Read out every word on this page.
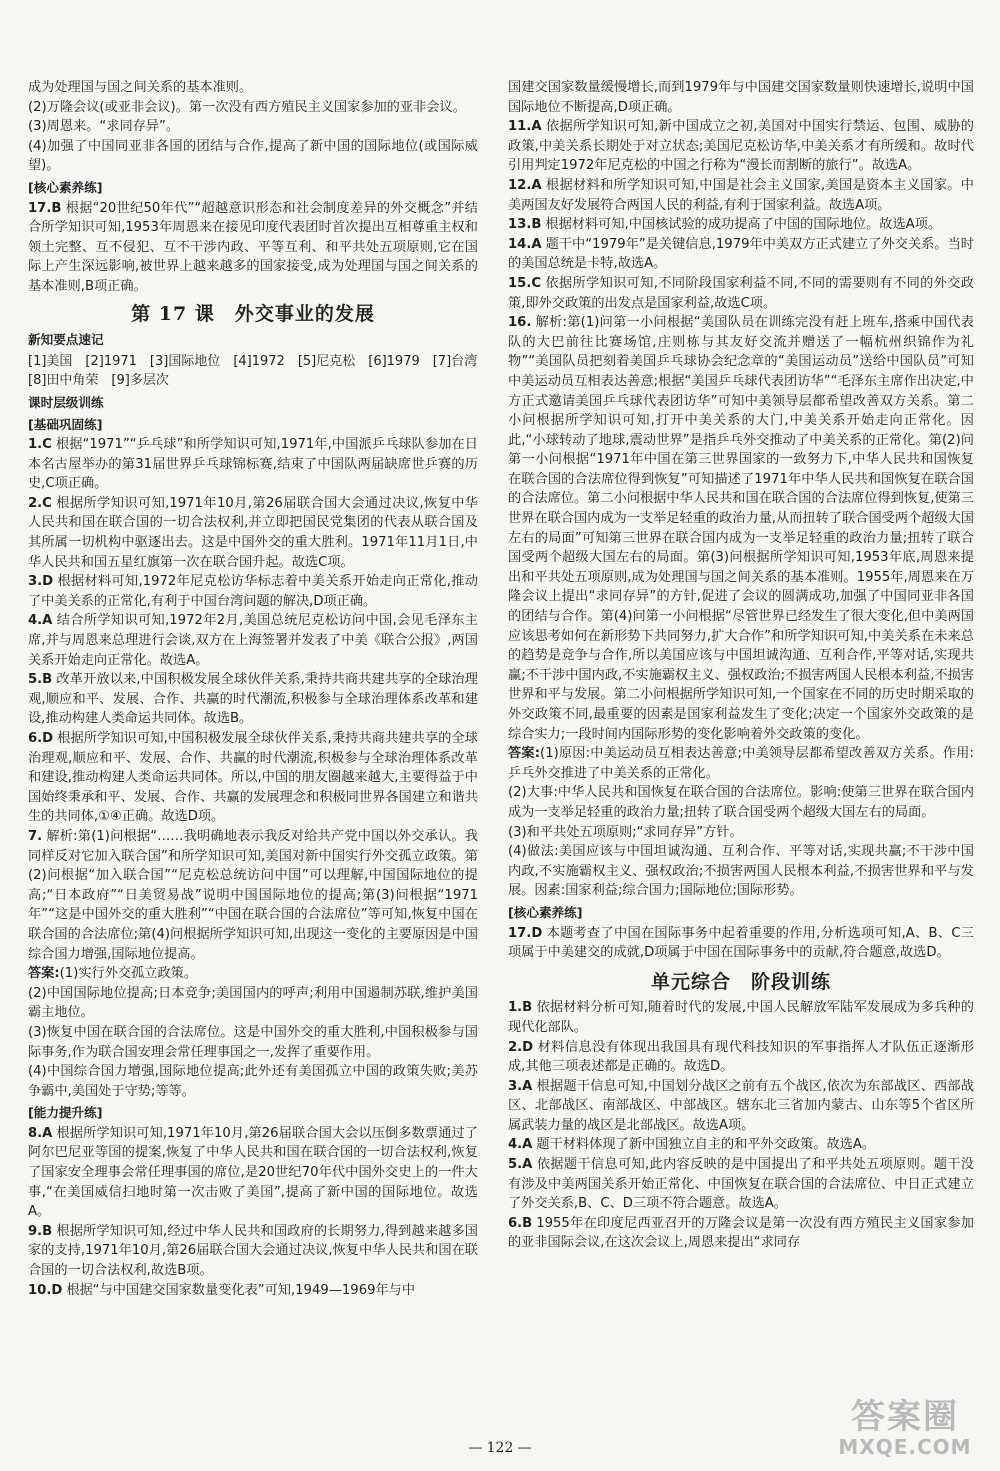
成为处理国与国之间关系的基本准则。

(2)万隆会议(或亚非会议)。第一次没有西方殖民主义国家参加的亚非会议。

(3)周恩来。“求同存异”。

(4)加强了中国同亚非各国的团结与合作,提高了新中国的国际地位(或国际威望)。

[核心素养练]

17.B 根据“20世纪50年代”“超越意识形态和社会制度差异的外交概念”并结合所学知识可知,1953年周恩来在接见印度代表团时首次提出互相尊重主权和领土完整、互不侵犯、互不干涉内政、平等互利、和平共处五项原则,它在国际上产生深远影响,被世界上越来越多的国家接受,成为处理国与国之间关系的基本准则,B项正确。

第 17 课　外交事业的发展
新知要点速记

[1]美国　[2]1971　[3]国际地位　[4]1972　[5]尼克松　[6]1979　[7]台湾　[8]田中角荣　[9]多层次

课时层级训练
[基础巩固练]

1.C 根据“1971”“乒乓球”和所学知识可知,1971年,中国派乒乓球队参加在日本名古屋举办的第31届世界乒乓球锦标赛,结束了中国队两届缺席世乒赛的历史,C项正确。

2.C 根据所学知识可知,1971年10月,第26届联合国大会通过决议,恢复中华人民共和国在联合国的一切合法权利,并立即把国民党集团的代表从联合国及其所属一切机构中驱逐出去。这是中国外交的重大胜利。1971年11月1日,中华人民共和国五星红旗第一次在联合国升起。故选C项。

3.D 根据材料可知,1972年尼克松访华标志着中美关系开始走向正常化,推动了中美关系的正常化,有利于中国台湾问题的解决,D项正确。

4.A 结合所学知识可知,1972年2月,美国总统尼克松访问中国,会见毛泽东主席,并与周恩来总理进行会谈,双方在上海签署并发表了中美《联合公报》,两国关系开始走向正常化。故选A。

5.B 改革开放以来,中国积极发展全球伙伴关系,秉持共商共建共享的全球治理观,顺应和平、发展、合作、共赢的时代潮流,积极参与全球治理体系改革和建设,推动构建人类命运共同体。故选B。

6.D 根据所学知识可知,中国积极发展全球伙伴关系,秉持共商共建共享的全球治理观,顺应和平、发展、合作、共赢的时代潮流,积极参与全球治理体系改革和建设,推动构建人类命运共同体。所以,中国的朋友圈越来越大,主要得益于中国始终秉承和平、发展、合作、共赢的发展理念和积极同世界各国建立和谐共生的共同体,①④正确。故选D项。

7. 解析:第(1)问根据“……我明确地表示我反对给共产党中国以外交承认。我同样反对它加入联合国”和所学知识可知,美国对新中国实行外交孤立政策。第(2)问根据“加入联合国”“尼克松总统访问中国”可以理解,中国国际地位的提高;“日本政府”“日美贸易战”说明中国国际地位的提高;第(3)问根据“1971年”“这是中国外交的重大胜利”“中国在联合国的合法席位”等可知,恢复中国在联合国的合法席位;第(4)问根据所学知识可知,出现这一变化的主要原因是中国综合国力增强,国际地位提高。

答案:(1)实行外交孤立政策。

(2)中国国际地位提高;日本竞争;美国国内的呼声;利用中国遏制苏联,维护美国霸主地位。

(3)恢复中国在联合国的合法席位。这是中国外交的重大胜利,中国积极参与国际事务,作为联合国安理会常任理事国之一,发挥了重要作用。

(4)中国综合国力增强,国际地位提高;此外还有美国孤立中国的政策失败;美苏争霸中,美国处于守势;等等。

[能力提升练]

8.A 根据所学知识可知,1971年10月,第26届联合国大会以压倒多数票通过了阿尔巴尼亚等国的提案,恢复了中华人民共和国在联合国的一切合法权利,恢复了国家安全理事会常任理事国的席位,是20世纪70年代中国外交史上的一件大事,“在美国威信扫地时第一次击败了美国”,提高了新中国的国际地位。故选A。

9.B 根据所学知识可知,经过中华人民共和国政府的长期努力,得到越来越多国家的支持,1971年10月,第26届联合国大会通过决议,恢复中华人民共和国在联合国的一切合法权利,故选B项。

10.D 根据“与中国建交国家数量变化表”可知,1949—1969年与中

国建交国家数量缓慢增长,而到1979年与中国建交国家数量则快速增长,说明中国国际地位不断提高,D项正确。

11.A 依据所学知识可知,新中国成立之初,美国对中国实行禁运、包围、威胁的政策,中美关系长期处于对立状态;美国尼克松访华,中美关系才有所缓和。故时代引用判定1972年尼克松的中国之行称为“漫长而割断的旅行”。故选A。

12.A 根据材料和所学知识可知,中国是社会主义国家,美国是资本主义国家。中美两国友好发展符合两国人民的利益,有利于国家利益。故选A项。

13.B 根据材料可知,中国核试验的成功提高了中国的国际地位。故选A项。

14.A 题干中“1979年”是关键信息,1979年中美双方正式建立了外交关系。当时的美国总统是卡特,故选A。

15.C 依据所学知识可知,不同阶段国家利益不同,不同的需要则有不同的外交政策,即外交政策的出发点是国家利益,故选C项。

16. 解析:第(1)问第一小问根据“美国队员在训练完没有赶上班车,搭乘中国代表队的大巴前往比赛场馆,庄则栋与其友好交流并赠送了一幅杭州织锦作为礼物”“美国队员把刻着美国乒乓球协会纪念章的“美国运动员”送给中国队员”可知中美运动员互相表达善意;根据“美国乒乓球代表团访华”“毛泽东主席作出决定,中方正式邀请美国乒乓球代表团访华”可知中美领导层都希望改善双方关系。第二小问根据所学知识可知,打开中美关系的大门,中美关系开始走向正常化。因此,“小球转动了地球,震动世界”是指乒乓外交推动了中美关系的正常化。第(2)问第一小问根据“1971年中国在第三世界国家的一致努力下,中华人民共和国恢复在联合国的合法席位得到恢复”可知描述了1971年中华人民共和国恢复在联合国的合法席位。第二小问根据中华人民共和国在联合国的合法席位得到恢复,使第三世界在联合国内成为一支举足轻重的政治力量,从而扭转了联合国受两个超级大国左右的局面”可知第三世界在联合国内成为一支举足轻重的政治力量;扭转了联合国受两个超级大国左右的局面。第(3)问根据所学知识可知,1953年底,周恩来提出和平共处五项原则,成为处理国与国之间关系的基本准则。1955年,周恩来在万隆会议上提出“求同存异”的方针,促进了会议的圆满成功,加强了中国同亚非各国的团结与合作。第(4)问第一小问根据“尽管世界已经发生了很大变化,但中美两国应该思考如何在新形势下共同努力,扩大合作”和所学知识可知,中美关系在未来总的趋势是竞争与合作,所以美国应该与中国坦诚沟通、互利合作,平等对话,实现共赢;不干涉中国内政,不实施霸权主义、强权政治;不损害两国人民根本利益,不损害世界和平与发展。第二小问根据所学知识可知,一个国家在不同的历史时期采取的外交政策不同,最重要的因素是国家利益发生了变化;决定一个国家外交政策的是综合实力;一段时间内国际形势的变化影响着外交政策的变化。

答案:(1)原因:中美运动员互相表达善意;中美领导层都希望改善双方关系。作用:乒乓外交推进了中美关系的正常化。

(2)大事:中华人民共和国恢复在联合国的合法席位。影响:使第三世界在联合国内成为一支举足轻重的政治力量;扭转了联合国受两个超级大国左右的局面。

(3)和平共处五项原则;“求同存异”方针。

(4)做法:美国应该与中国坦诚沟通、互利合作、平等对话,实现共赢;不干涉中国内政,不实施霸权主义、强权政治;不损害两国人民根本利益,不损害世界和平与发展。因素:国家利益;综合国力;国际地位;国际形势。

[核心素养练]

17.D 本题考查了中国在国际事务中起着重要的作用,分析选项可知,A、B、C三项属于中美建交的成就,D项属于中国在国际事务中的贡献,符合题意,故选D。

单元综合　阶段训练

1.B 依据材料分析可知,随着时代的发展,中国人民解放军陆军发展成为多兵种的现代化部队。

2.D 材料信息没有体现出我国具有现代科技知识的军事指挥人才队伍正逐渐形成,其他三项表述都是正确的。故选D。

3.A 根据题干信息可知,中国划分战区之前有五个战区,依次为东部战区、西部战区、北部战区、南部战区、中部战区。辖东北三省加内蒙古、山东等5个省区所属武装力量的战区是北部战区。故选A项。

4.A 题干材料体现了新中国独立自主的和平外交政策。故选A。

5.A 依据题干信息可知,此内容反映的是中国提出了和平共处五项原则。题干没有涉及中美两国关系开始正常化、中国恢复在联合国的合法席位、中日正式建立了外交关系,B、C、D三项不符合题意。故选A。

6.B 1955年在印度尼西亚召开的万隆会议是第一次没有西方殖民主义国家参加的亚非国际会议,在这次会议上,周恩来提出“求同存

— 122 —
答案圈
MXQE.COM
